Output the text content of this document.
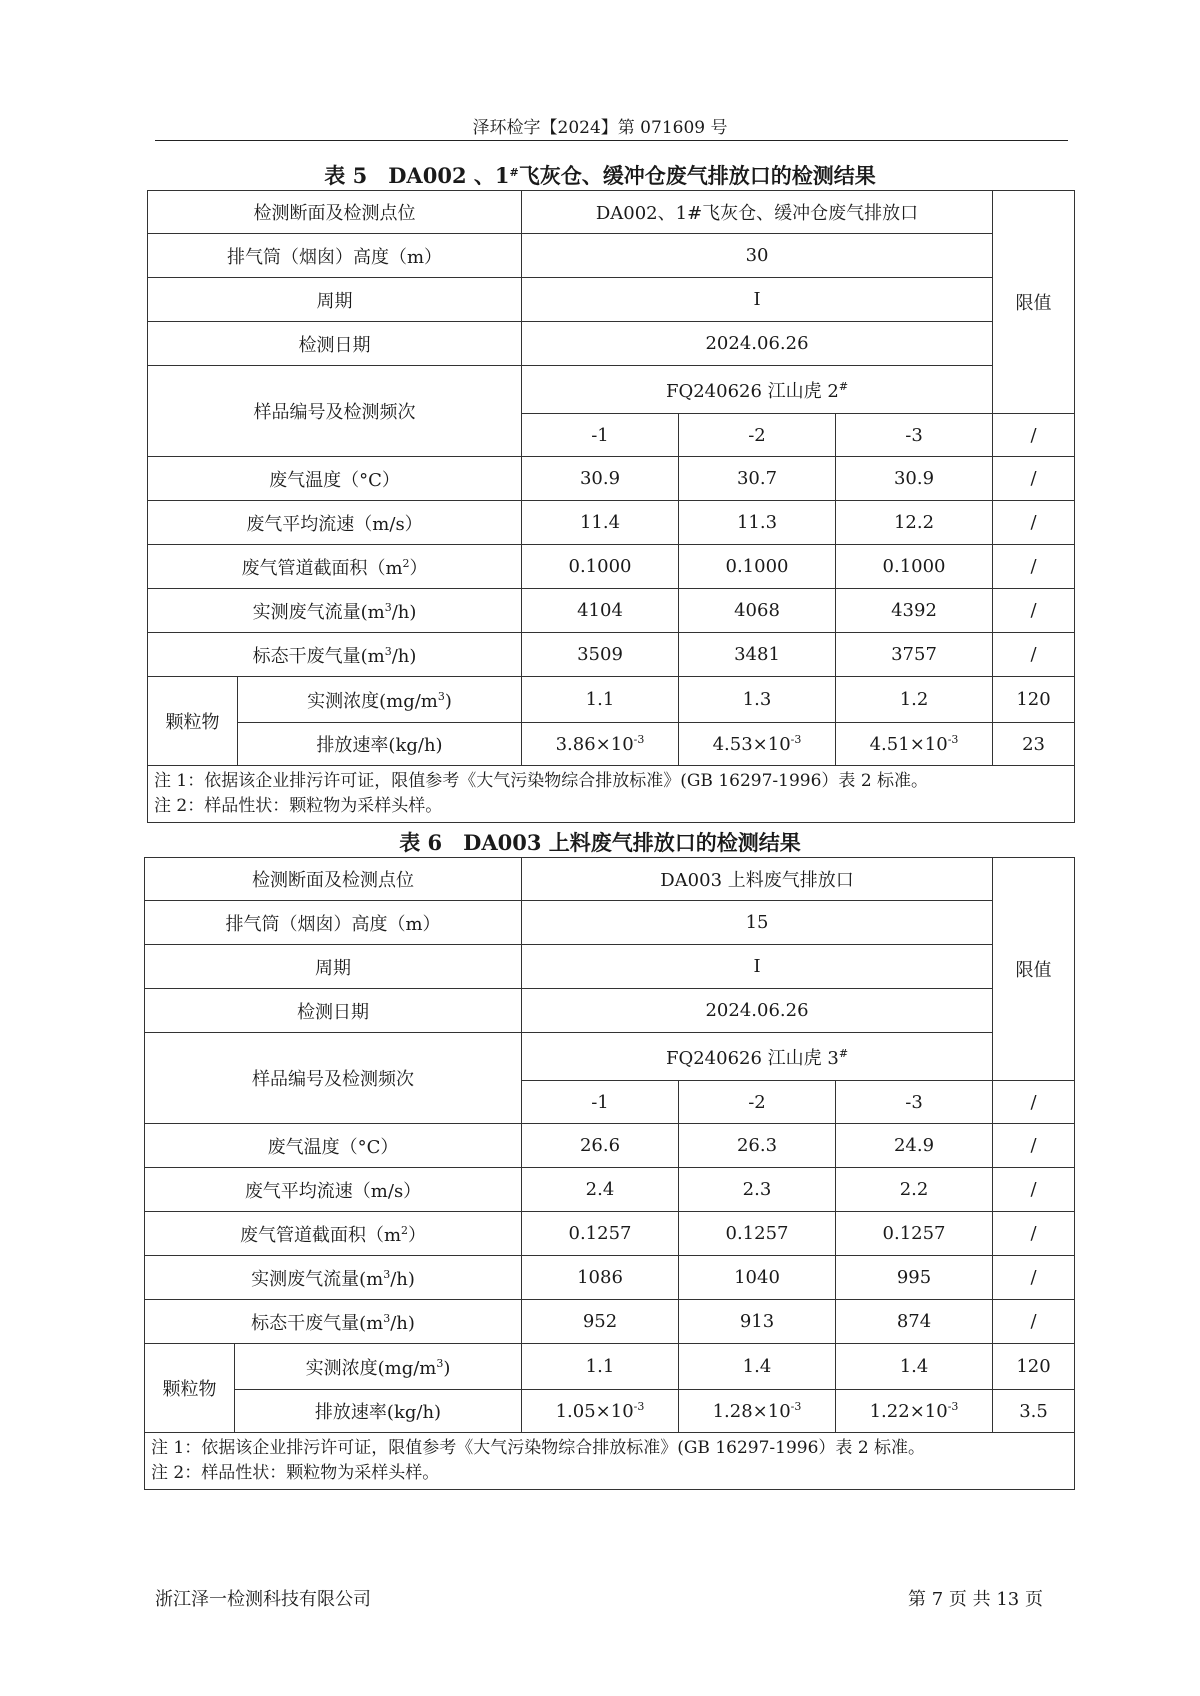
泽环检字【2024】第 071609 号
表 5　DA002 、1#飞灰仓、缓冲仓废气排放口的检测结果
检测断面及检测点位		DA002、1#飞灰仓、缓冲仓废气排放口			限值
排气筒（烟囱）高度（m）		30			
周期		I			
检测日期		2024.06.26			
样品编号及检测频次		FQ240626 江山虎 2#
		-1	-2	-3	/
废气温度（°C）		30.9	30.7	30.9	/
废气平均流速（m/s）		11.4	11.3	12.2	/
废气管道截面积$(m^2)$		0.1000	0.1000	0.1000	/
实测废气流量$(m^3/h)$		4104	4068	4392	/
标态干废气量$(m^3/h)$		3509	3481	3757	/
颗粒物	实测浓度$(mg/m^3)$	1.1	1.3	1.2	120
	排放速率(kg/h)	$3.86\times 10^{-3}$	$4.53\times 10^{-3}$	$4.51\times 10^{-3}$	23

注 1：依据该企业排污许可证，限值参考《大气污染物综合排放标准》(GB 16297-1996）表 2 标准。
注 2：样品性状：颗粒物为采样头样。					
表 6　DA003 上料废气排放口的检测结果
检测断面及检测点位		DA003 上料废气排放口			限值
排气筒（烟囱）高度（m）		15			
周期		I			
检测日期		2024.06.26			
样品编号及检测频次		FQ240626 江山虎 3#
		-1	-2	-3	/
废气温度（°C）		26.6	26.3	24.9	/
废气平均流速（m/s）		2.4	2.3	2.2	/
废气管道截面积$(m^2)$		0.1257	0.1257	0.1257	/
实测废气流量$(m^3/h)$		1086	1040	995	/
标态干废气量$(m^3/h)$		952	913	874	/
颗粒物	实测浓度$(mg/m^3)$	1.1	1.4	1.4	120
	排放速率(kg/h)	$1.05\times 10^{-3}$	$1.28\times 10^{-3}$	$1.22\times 10^{-3}$	3.5

注 1：依据该企业排污许可证，限值参考《大气污染物综合排放标准》(GB 16297-1996）表 2 标准。
注 2：样品性状：颗粒物为采样头样。					
浙江泽一检测科技有限公司	第 7 页 共 13 页
